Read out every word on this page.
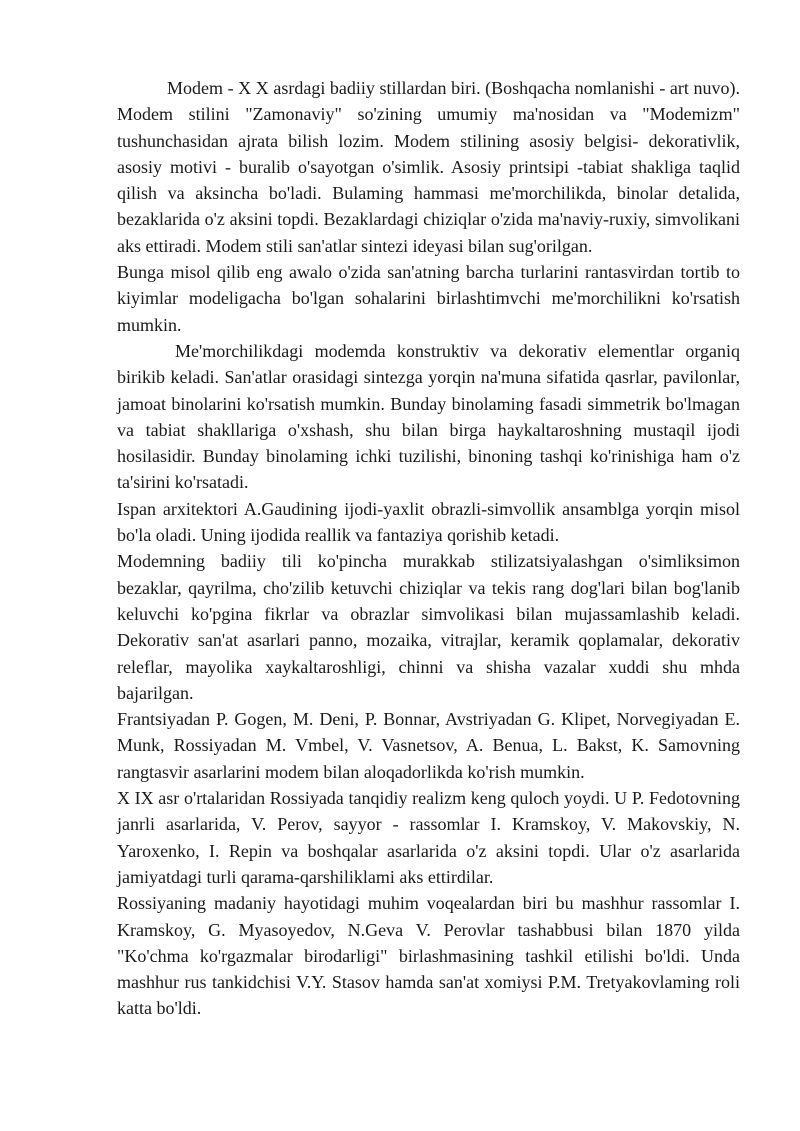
Modem - X X asrdagi badiiy stillardan biri. (Boshqacha nomlanishi - art nuvo). Modem stilini "Zamonaviy" so'zining umumiy ma'nosidan va "Modemizm" tushunchasidan ajrata bilish lozim. Modem stilining asosiy belgisi- dekorativlik, asosiy motivi - buralib o'sayotgan o'simlik. Asosiy printsipi -tabiat shakliga taqlid qilish va aksincha bo'ladi. Bulaming hammasi me'morchilikda, binolar detalida, bezaklarida o'z aksini topdi. Bezaklardagi chiziqlar o'zida ma'naviy-ruxiy, simvolikani aks ettiradi. Modem stili san'atlar sintezi ideyasi bilan sug'orilgan.

Bunga misol qilib eng awalo o'zida san'atning barcha turlarini rantasvirdan tortib to kiyimlar modeligacha bo'lgan sohalarini birlashtimvchi me'morchilikni ko'rsatish mumkin.

Me'morchilikdagi modemda konstruktiv va dekorativ elementlar organiq birikib keladi. San'atlar orasidagi sintezga yorqin na'muna sifatida qasrlar, pavilonlar, jamoat binolarini ko'rsatish mumkin. Bunday binolaming fasadi simmetrik bo'lmagan va tabiat shakllariga o'xshash, shu bilan birga haykaltaroshning mustaqil ijodi hosilasidir. Bunday binolaming ichki tuzilishi, binoning tashqi ko'rinishiga ham o'z ta'sirini ko'rsatadi.

Ispan arxitektori A.Gaudining ijodi-yaxlit obrazli-simvollik ansamblga yorqin misol bo'la oladi. Uning ijodida reallik va fantaziya qorishib ketadi.

Modemning badiiy tili ko'pincha murakkab stilizatsiyalashgan o'simliksimon bezaklar, qayrilma, cho'zilib ketuvchi chiziqlar va tekis rang dog'lari bilan bog'lanib keluvchi ko'pgina fikrlar va obrazlar simvolikasi bilan mujassamlashib keladi. Dekorativ san'at asarlari panno, mozaika, vitrajlar, keramik qoplamalar, dekorativ releflar, mayolika xaykaltaroshligi, chinni va shisha vazalar xuddi shu mhda bajarilgan.

Frantsiyadan P. Gogen, M. Deni, P. Bonnar, Avstriyadan G. Klipet, Norvegiyadan E. Munk, Rossiyadan M. Vmbel, V. Vasnetsov, A. Benua, L. Bakst, K. Samovning rangtasvir asarlarini modem bilan aloqadorlikda ko'rish mumkin.

X IX asr o'rtalaridan Rossiyada tanqidiy realizm keng quloch yoydi. U P. Fedotovning janrli asarlarida, V. Perov, sayyor - rassomlar I. Kramskoy, V. Makovskiy, N. Yaroxenko, I. Repin va boshqalar asarlarida o'z aksini topdi. Ular o'z asarlarida jamiyatdagi turli qarama-qarshiliklami aks ettirdilar.

Rossiyaning madaniy hayotidagi muhim voqealardan biri bu mashhur rassomlar I. Kramskoy, G. Myasoyedov, N.Geva V. Perovlar tashabbusi bilan 1870 yilda "Ko'chma ko'rgazmalar birodarligi" birlashmasining tashkil etilishi bo'ldi. Unda mashhur rus tankidchisi V.Y. Stasov hamda san'at xomiysi P.M. Tretyakovlaming roli katta bo'ldi.
